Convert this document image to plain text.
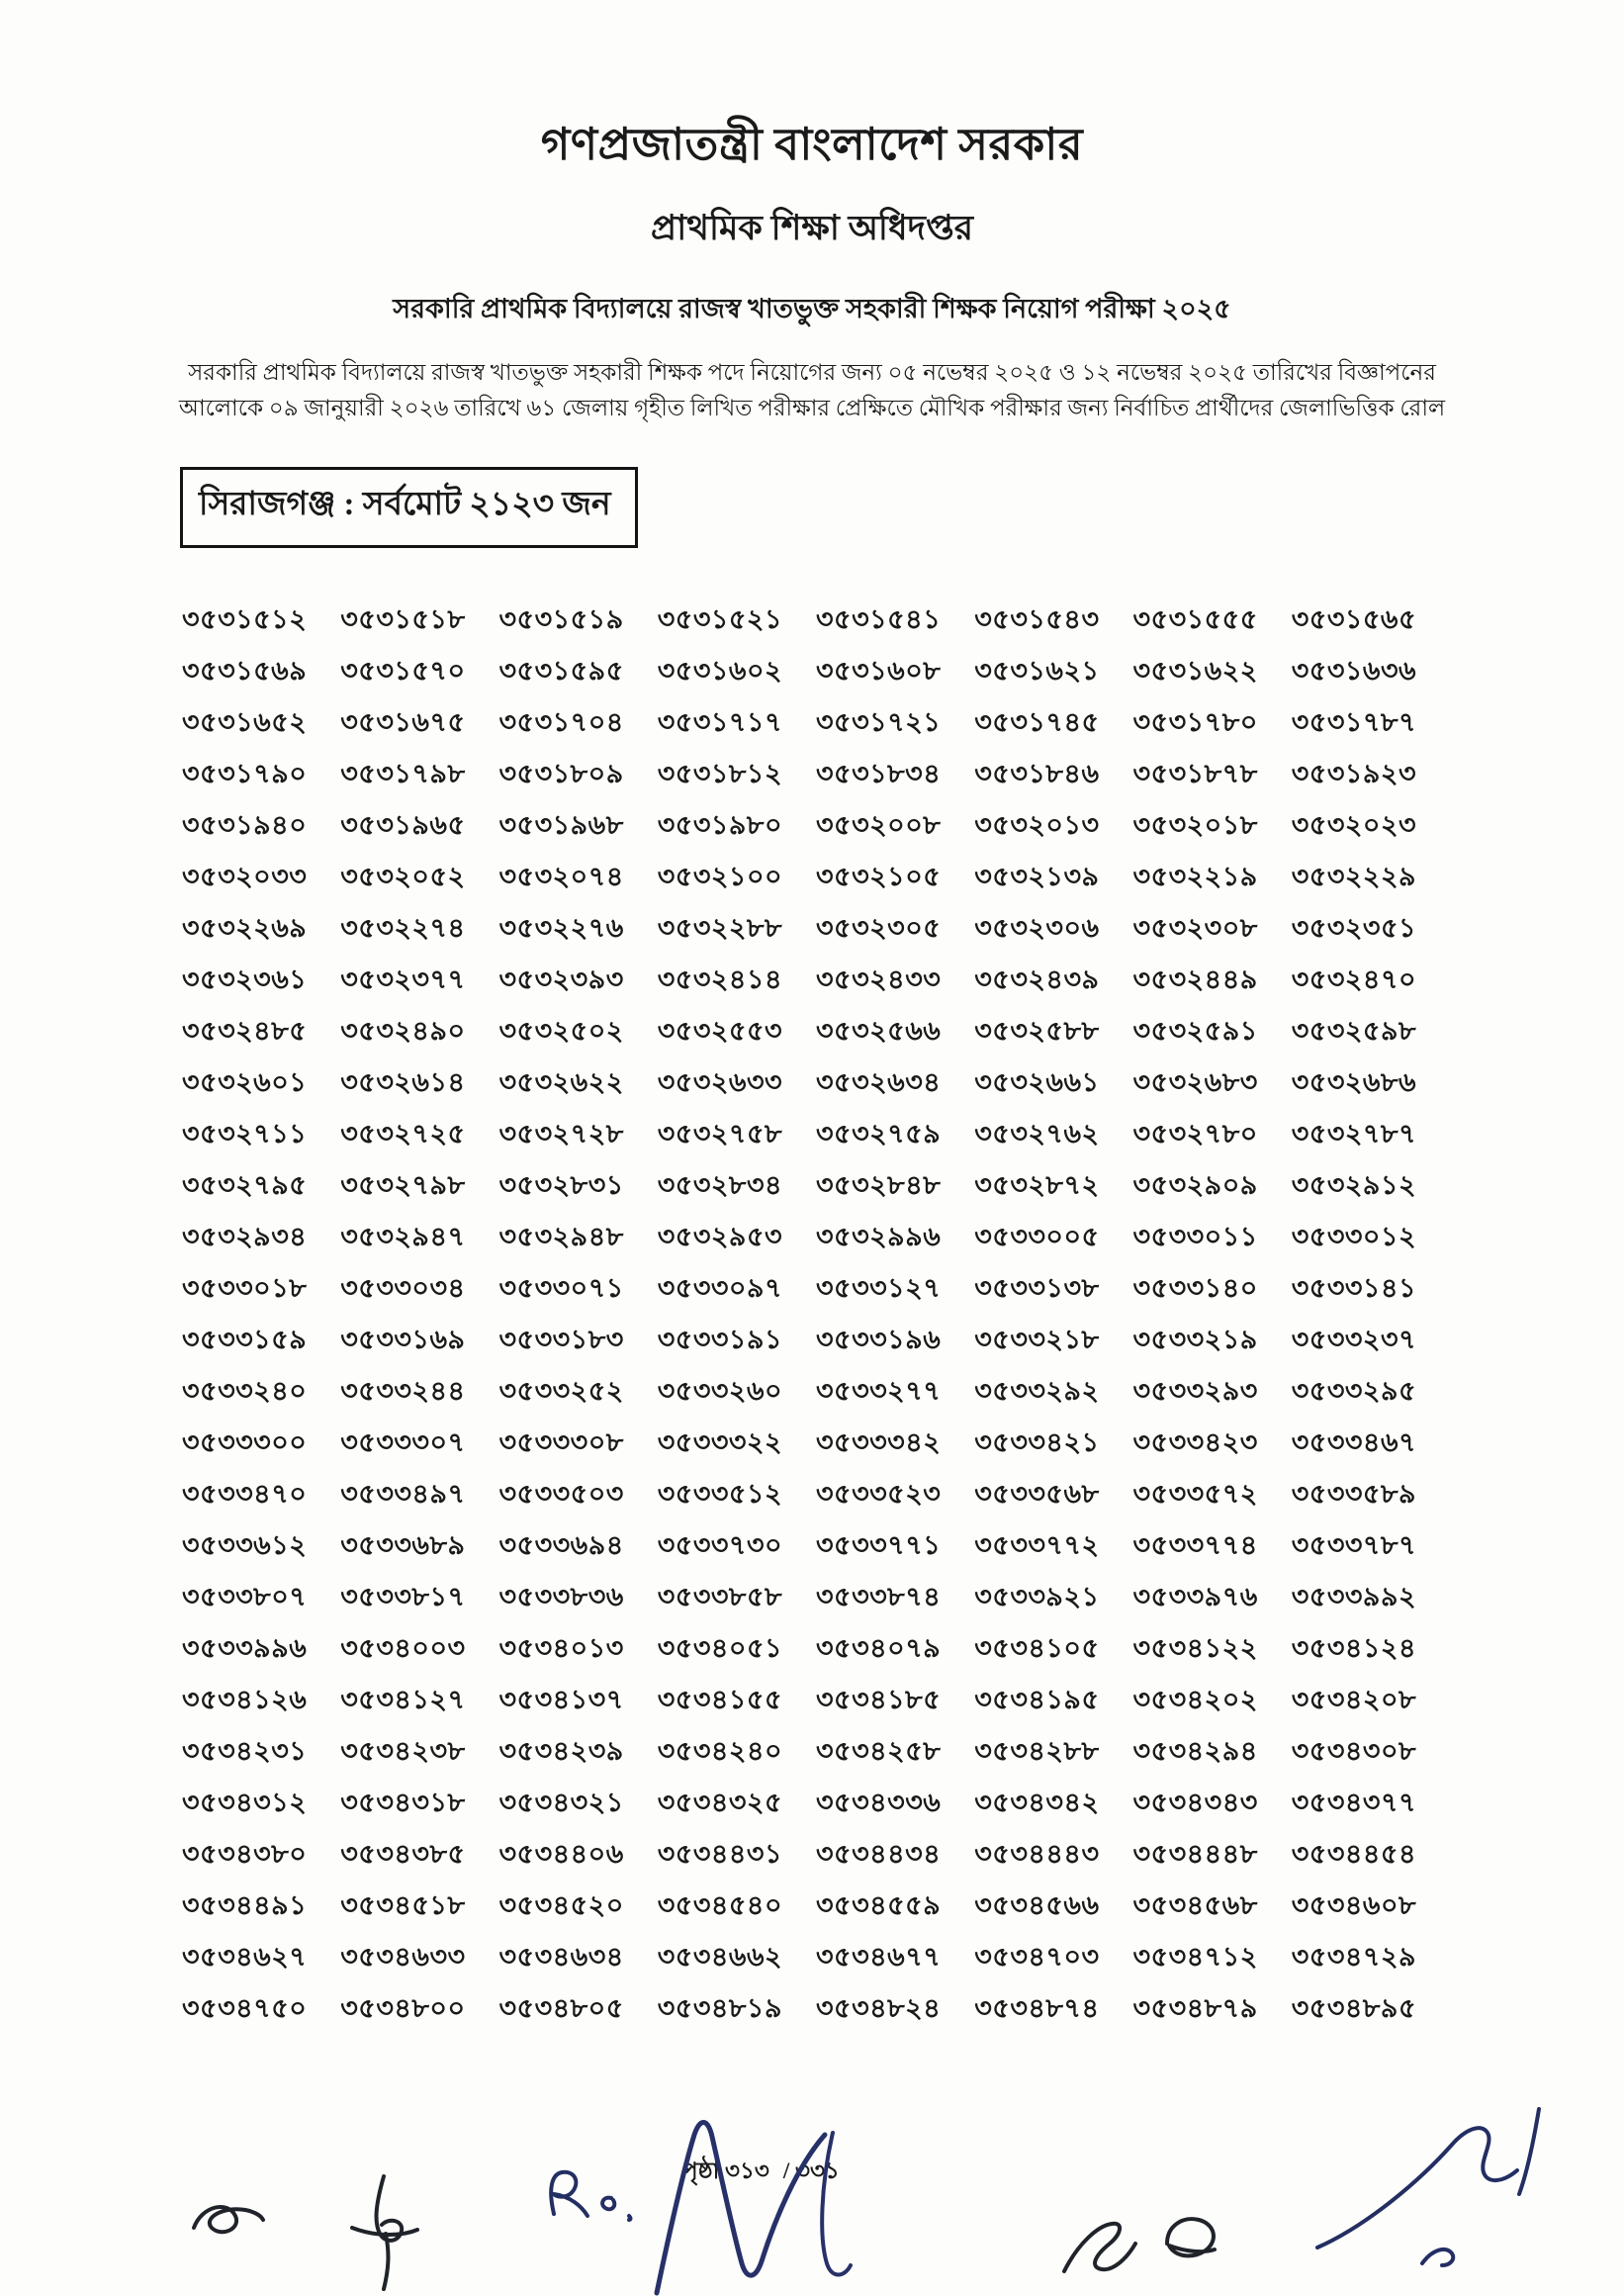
গণপ্রজাতন্ত্রী বাংলাদেশ সরকার
প্রাথমিক শিক্ষা অধিদপ্তর
সরকারি প্রাথমিক বিদ্যালয়ে রাজস্ব খাতভুক্ত সহকারী শিক্ষক নিয়োগ পরীক্ষা ২০২৫
সরকারি প্রাথমিক বিদ্যালয়ে রাজস্ব খাতভুক্ত সহকারী শিক্ষক পদে নিয়োগের জন্য ০৫ নভেম্বর ২০২৫ ও ১২ নভেম্বর ২০২৫ তারিখের বিজ্ঞাপনের
আলোকে ০৯ জানুয়ারী ২০২৬ তারিখে ৬১ জেলায় গৃহীত লিখিত পরীক্ষার প্রেক্ষিতে মৌখিক পরীক্ষার জন্য নির্বাচিত প্রার্থীদের জেলাভিত্তিক রোল
সিরাজগঞ্জ : সর্বমোট ২১২৩ জন
৩৫৩১৫১২	৩৫৩১৫১৮	৩৫৩১৫১৯	৩৫৩১৫২১	৩৫৩১৫৪১	৩৫৩১৫৪৩	৩৫৩১৫৫৫	৩৫৩১৫৬৫
৩৫৩১৫৬৯	৩৫৩১৫৭০	৩৫৩১৫৯৫	৩৫৩১৬০২	৩৫৩১৬০৮	৩৫৩১৬২১	৩৫৩১৬২২	৩৫৩১৬৩৬
৩৫৩১৬৫২	৩৫৩১৬৭৫	৩৫৩১৭০৪	৩৫৩১৭১৭	৩৫৩১৭২১	৩৫৩১৭৪৫	৩৫৩১৭৮০	৩৫৩১৭৮৭
৩৫৩১৭৯০	৩৫৩১৭৯৮	৩৫৩১৮০৯	৩৫৩১৮১২	৩৫৩১৮৩৪	৩৫৩১৮৪৬	৩৫৩১৮৭৮	৩৫৩১৯২৩
৩৫৩১৯৪০	৩৫৩১৯৬৫	৩৫৩১৯৬৮	৩৫৩১৯৮০	৩৫৩২০০৮	৩৫৩২০১৩	৩৫৩২০১৮	৩৫৩২০২৩
৩৫৩২০৩৩	৩৫৩২০৫২	৩৫৩২০৭৪	৩৫৩২১০০	৩৫৩২১০৫	৩৫৩২১৩৯	৩৫৩২২১৯	৩৫৩২২২৯
৩৫৩২২৬৯	৩৫৩২২৭৪	৩৫৩২২৭৬	৩৫৩২২৮৮	৩৫৩২৩০৫	৩৫৩২৩০৬	৩৫৩২৩০৮	৩৫৩২৩৫১
৩৫৩২৩৬১	৩৫৩২৩৭৭	৩৫৩২৩৯৩	৩৫৩২৪১৪	৩৫৩২৪৩৩	৩৫৩২৪৩৯	৩৫৩২৪৪৯	৩৫৩২৪৭০
৩৫৩২৪৮৫	৩৫৩২৪৯০	৩৫৩২৫০২	৩৫৩২৫৫৩	৩৫৩২৫৬৬	৩৫৩২৫৮৮	৩৫৩২৫৯১	৩৫৩২৫৯৮
৩৫৩২৬০১	৩৫৩২৬১৪	৩৫৩২৬২২	৩৫৩২৬৩৩	৩৫৩২৬৩৪	৩৫৩২৬৬১	৩৫৩২৬৮৩	৩৫৩২৬৮৬
৩৫৩২৭১১	৩৫৩২৭২৫	৩৫৩২৭২৮	৩৫৩২৭৫৮	৩৫৩২৭৫৯	৩৫৩২৭৬২	৩৫৩২৭৮০	৩৫৩২৭৮৭
৩৫৩২৭৯৫	৩৫৩২৭৯৮	৩৫৩২৮৩১	৩৫৩২৮৩৪	৩৫৩২৮৪৮	৩৫৩২৮৭২	৩৫৩২৯০৯	৩৫৩২৯১২
৩৫৩২৯৩৪	৩৫৩২৯৪৭	৩৫৩২৯৪৮	৩৫৩২৯৫৩	৩৫৩২৯৯৬	৩৫৩৩০০৫	৩৫৩৩০১১	৩৫৩৩০১২
৩৫৩৩০১৮	৩৫৩৩০৩৪	৩৫৩৩০৭১	৩৫৩৩০৯৭	৩৫৩৩১২৭	৩৫৩৩১৩৮	৩৫৩৩১৪০	৩৫৩৩১৪১
৩৫৩৩১৫৯	৩৫৩৩১৬৯	৩৫৩৩১৮৩	৩৫৩৩১৯১	৩৫৩৩১৯৬	৩৫৩৩২১৮	৩৫৩৩২১৯	৩৫৩৩২৩৭
৩৫৩৩২৪০	৩৫৩৩২৪৪	৩৫৩৩২৫২	৩৫৩৩২৬০	৩৫৩৩২৭৭	৩৫৩৩২৯২	৩৫৩৩২৯৩	৩৫৩৩২৯৫
৩৫৩৩৩০০	৩৫৩৩৩০৭	৩৫৩৩৩০৮	৩৫৩৩৩২২	৩৫৩৩৩৪২	৩৫৩৩৪২১	৩৫৩৩৪২৩	৩৫৩৩৪৬৭
৩৫৩৩৪৭০	৩৫৩৩৪৯৭	৩৫৩৩৫০৩	৩৫৩৩৫১২	৩৫৩৩৫২৩	৩৫৩৩৫৬৮	৩৫৩৩৫৭২	৩৫৩৩৫৮৯
৩৫৩৩৬১২	৩৫৩৩৬৮৯	৩৫৩৩৬৯৪	৩৫৩৩৭৩০	৩৫৩৩৭৭১	৩৫৩৩৭৭২	৩৫৩৩৭৭৪	৩৫৩৩৭৮৭
৩৫৩৩৮০৭	৩৫৩৩৮১৭	৩৫৩৩৮৩৬	৩৫৩৩৮৫৮	৩৫৩৩৮৭৪	৩৫৩৩৯২১	৩৫৩৩৯৭৬	৩৫৩৩৯৯২
৩৫৩৩৯৯৬	৩৫৩৪০০৩	৩৫৩৪০১৩	৩৫৩৪০৫১	৩৫৩৪০৭৯	৩৫৩৪১০৫	৩৫৩৪১২২	৩৫৩৪১২৪
৩৫৩৪১২৬	৩৫৩৪১২৭	৩৫৩৪১৩৭	৩৫৩৪১৫৫	৩৫৩৪১৮৫	৩৫৩৪১৯৫	৩৫৩৪২০২	৩৫৩৪২০৮
৩৫৩৪২৩১	৩৫৩৪২৩৮	৩৫৩৪২৩৯	৩৫৩৪২৪০	৩৫৩৪২৫৮	৩৫৩৪২৮৮	৩৫৩৪২৯৪	৩৫৩৪৩০৮
৩৫৩৪৩১২	৩৫৩৪৩১৮	৩৫৩৪৩২১	৩৫৩৪৩২৫	৩৫৩৪৩৩৬	৩৫৩৪৩৪২	৩৫৩৪৩৪৩	৩৫৩৪৩৭৭
৩৫৩৪৩৮০	৩৫৩৪৩৮৫	৩৫৩৪৪০৬	৩৫৩৪৪৩১	৩৫৩৪৪৩৪	৩৫৩৪৪৪৩	৩৫৩৪৪৪৮	৩৫৩৪৪৫৪
৩৫৩৪৪৯১	৩৫৩৪৫১৮	৩৫৩৪৫২০	৩৫৩৪৫৪০	৩৫৩৪৫৫৯	৩৫৩৪৫৬৬	৩৫৩৪৫৬৮	৩৫৩৪৬০৮
৩৫৩৪৬২৭	৩৫৩৪৬৩৩	৩৫৩৪৬৩৪	৩৫৩৪৬৬২	৩৫৩৪৬৭৭	৩৫৩৪৭০৩	৩৫৩৪৭১২	৩৫৩৪৭২৯
৩৫৩৪৭৫০	৩৫৩৪৮০০	৩৫৩৪৮০৫	৩৫৩৪৮১৯	৩৫৩৪৮২৪	৩৫৩৪৮৭৪	৩৫৩৪৮৭৯	৩৫৩৪৮৯৫
পৃষ্ঠা ৩১৩ / ৩৩১
